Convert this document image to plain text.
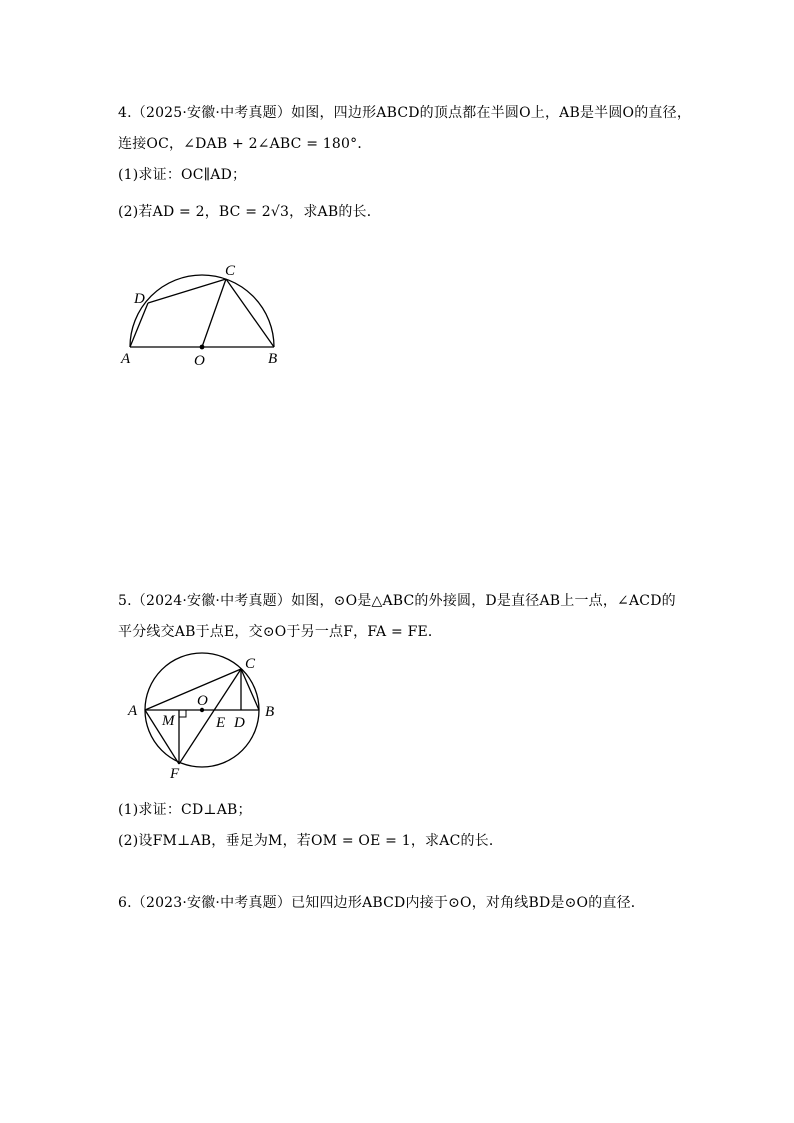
4.（2025·安徽·中考真题）如图，四边形ABCD的顶点都在半圆O上，AB是半圆O的直径，
连接OC，∠DAB + 2∠ABC = 180°．
(1)求证：OC∥AD；
(2)若AD = 2，BC = 2√3，求AB的长．
A	O	B
C
D
5.（2024·安徽·中考真题）如图，⊙O是△ABC的外接圆，D是直径AB上一点，∠ACD的
平分线交AB于点E，交⊙O于另一点F，FA = FE．
A	B
C
O
M	E D
F
(1)求证：CD⊥AB；
(2)设FM⊥AB，垂足为M，若OM = OE = 1，求AC的长．
6.（2023·安徽·中考真题）已知四边形ABCD内接于⊙O，对角线BD是⊙O的直径．
